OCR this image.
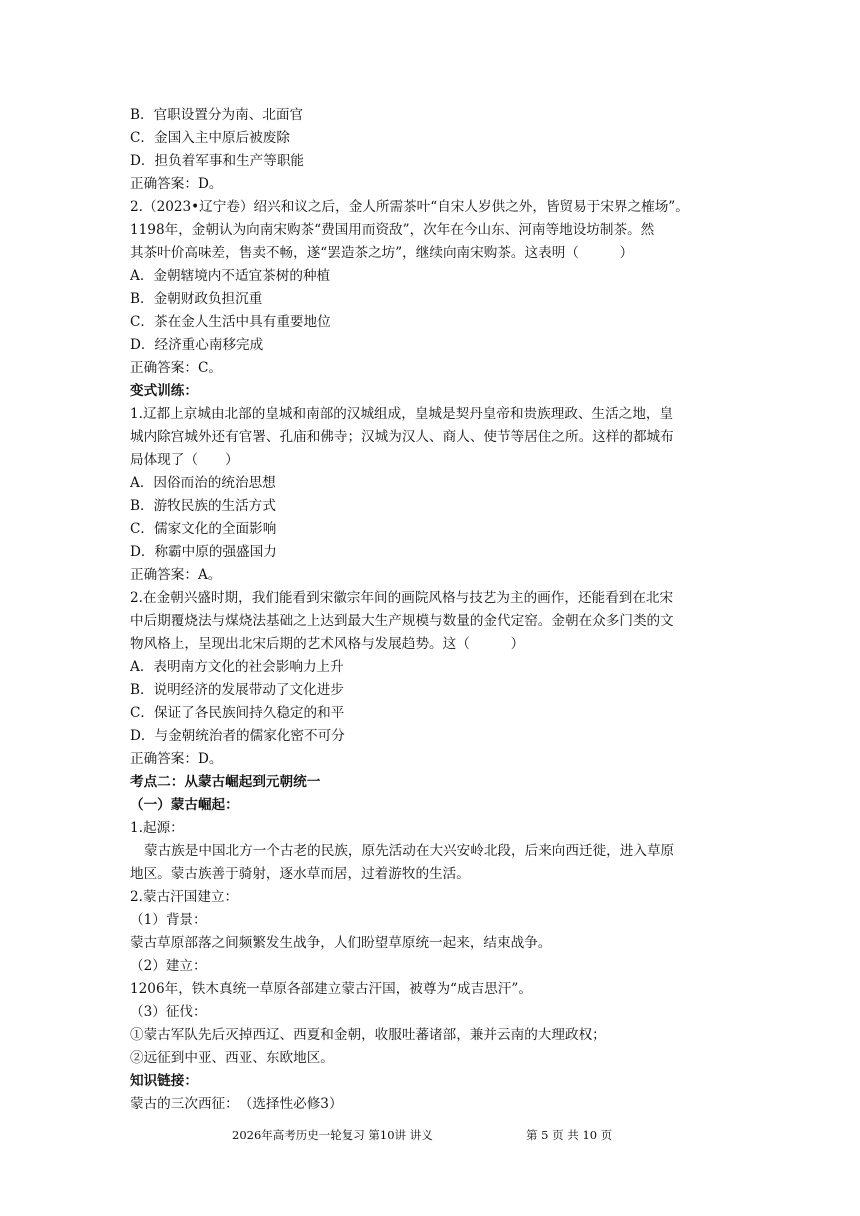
B．官职设置分为南、北面官
C．金国入主中原后被废除
D．担负着军事和生产等职能
正确答案：D。
2.（2023•辽宁卷）绍兴和议之后，金人所需茶叶“自宋人岁供之外，皆贸易于宋界之榷场”。
1198年，金朝认为向南宋购茶“费国用而资敌”，次年在今山东、河南等地设坊制茶。然
其茶叶价高味差，售卖不畅，遂“罢造茶之坊”，继续向南宋购茶。这表明（　　　）
A．金朝辖境内不适宜茶树的种植
B．金朝财政负担沉重
C．茶在金人生活中具有重要地位
D．经济重心南移完成
正确答案：C。
变式训练：
1.辽都上京城由北部的皇城和南部的汉城组成，皇城是契丹皇帝和贵族理政、生活之地，皇
城内除宫城外还有官署、孔庙和佛寺；汉城为汉人、商人、使节等居住之所。这样的都城布
局体现了（　　）
A．因俗而治的统治思想
B．游牧民族的生活方式
C．儒家文化的全面影响
D．称霸中原的强盛国力
正确答案：A。
2.在金朝兴盛时期，我们能看到宋徽宗年间的画院风格与技艺为主的画作，还能看到在北宋
中后期覆烧法与煤烧法基础之上达到最大生产规模与数量的金代定窑。金朝在众多门类的文
物风格上，呈现出北宋后期的艺术风格与发展趋势。这（　　　）
A．表明南方文化的社会影响力上升
B．说明经济的发展带动了文化进步
C．保证了各民族间持久稳定的和平
D．与金朝统治者的儒家化密不可分
正确答案：D。
考点二：从蒙古崛起到元朝统一
（一）蒙古崛起：
1.起源：
蒙古族是中国北方一个古老的民族，原先活动在大兴安岭北段，后来向西迁徙，进入草原
地区。蒙古族善于骑射，逐水草而居，过着游牧的生活。
2.蒙古汗国建立：
（1）背景：
蒙古草原部落之间频繁发生战争，人们盼望草原统一起来，结束战争。
（2）建立：
1206年，铁木真统一草原各部建立蒙古汗国，被尊为“成吉思汗”。
（3）征伐：
①蒙古军队先后灭掉西辽、西夏和金朝，收服吐蕃诸部，兼并云南的大理政权；
②远征到中亚、西亚、东欧地区。
知识链接：
蒙古的三次西征：　（选择性必修3）
2026年高考历史一轮复习 第10讲 讲义	第 5 页 共 10 页
